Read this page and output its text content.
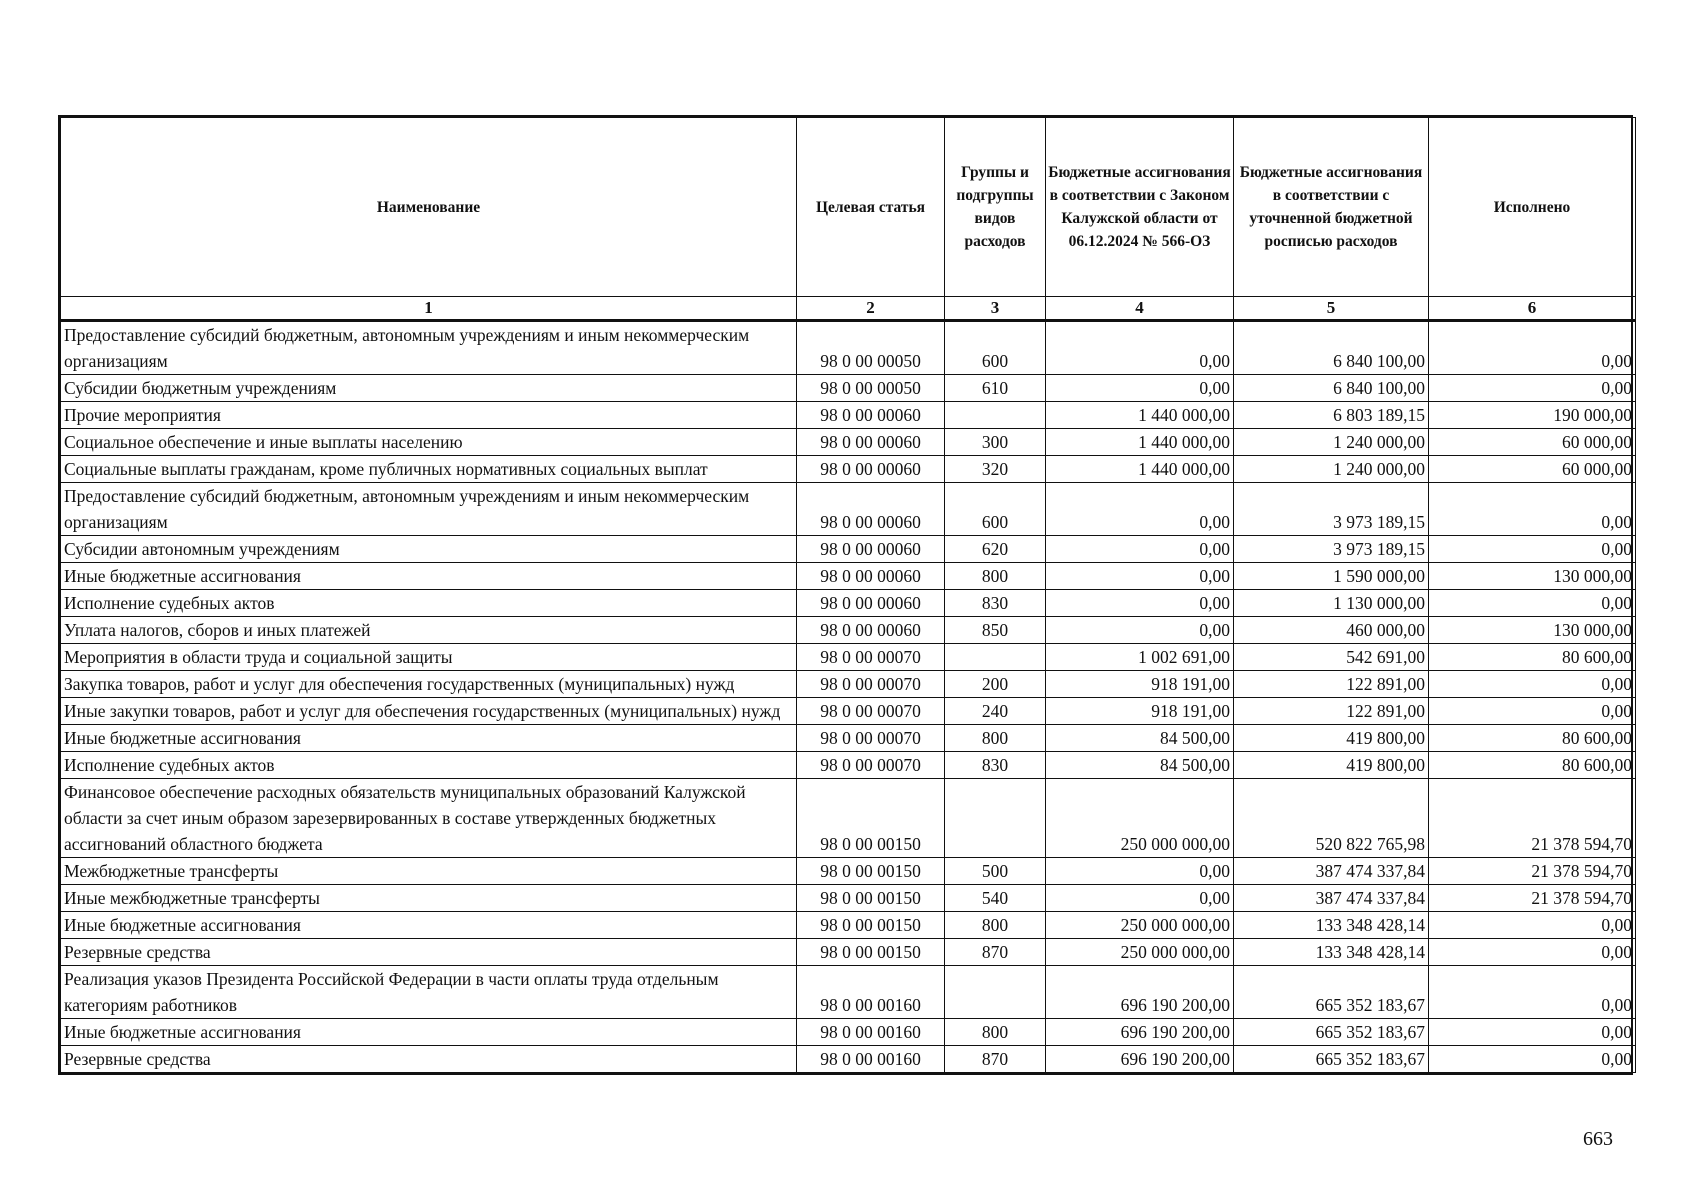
Наименование	Целевая статья	Группы и подгруппы видов расходов	Бюджетные ассигнования в соответствии с Законом Калужской области от 06.12.2024 № 566-ОЗ	Бюджетные ассигнования в соответствии с уточненной бюджетной росписью расходов	Исполнено
1	2	3	4	5	6
Предоставление субсидий бюджетным, автономным учреждениям и иным некоммерческим организациям	98 0 00 00050	600	0,00	6 840 100,00	0,00
Субсидии бюджетным учреждениям	98 0 00 00050	610	0,00	6 840 100,00	0,00
Прочие мероприятия	98 0 00 00060		1 440 000,00	6 803 189,15	190 000,00
Социальное обеспечение и иные выплаты населению	98 0 00 00060	300	1 440 000,00	1 240 000,00	60 000,00
Социальные выплаты гражданам, кроме публичных нормативных социальных выплат	98 0 00 00060	320	1 440 000,00	1 240 000,00	60 000,00
Предоставление субсидий бюджетным, автономным учреждениям и иным некоммерческим организациям	98 0 00 00060	600	0,00	3 973 189,15	0,00
Субсидии автономным учреждениям	98 0 00 00060	620	0,00	3 973 189,15	0,00
Иные бюджетные ассигнования	98 0 00 00060	800	0,00	1 590 000,00	130 000,00
Исполнение судебных актов	98 0 00 00060	830	0,00	1 130 000,00	0,00
Уплата налогов, сборов и иных платежей	98 0 00 00060	850	0,00	460 000,00	130 000,00
Мероприятия в области труда и социальной защиты	98 0 00 00070		1 002 691,00	542 691,00	80 600,00
Закупка товаров, работ и услуг для обеспечения государственных (муниципальных) нужд	98 0 00 00070	200	918 191,00	122 891,00	0,00
Иные закупки товаров, работ и услуг для обеспечения государственных (муниципальных) нужд	98 0 00 00070	240	918 191,00	122 891,00	0,00
Иные бюджетные ассигнования	98 0 00 00070	800	84 500,00	419 800,00	80 600,00
Исполнение судебных актов	98 0 00 00070	830	84 500,00	419 800,00	80 600,00
Финансовое обеспечение расходных обязательств муниципальных образований Калужской области за счет иным образом зарезервированных в составе утвержденных бюджетных ассигнований областного бюджета	98 0 00 00150		250 000 000,00	520 822 765,98	21 378 594,70
Межбюджетные трансферты	98 0 00 00150	500	0,00	387 474 337,84	21 378 594,70
Иные межбюджетные трансферты	98 0 00 00150	540	0,00	387 474 337,84	21 378 594,70
Иные бюджетные ассигнования	98 0 00 00150	800	250 000 000,00	133 348 428,14	0,00
Резервные средства	98 0 00 00150	870	250 000 000,00	133 348 428,14	0,00
Реализация указов Президента Российской Федерации в части оплаты труда отдельным категориям работников	98 0 00 00160		696 190 200,00	665 352 183,67	0,00
Иные бюджетные ассигнования	98 0 00 00160	800	696 190 200,00	665 352 183,67	0,00
Резервные средства	98 0 00 00160	870	696 190 200,00	665 352 183,67	0,00
663
